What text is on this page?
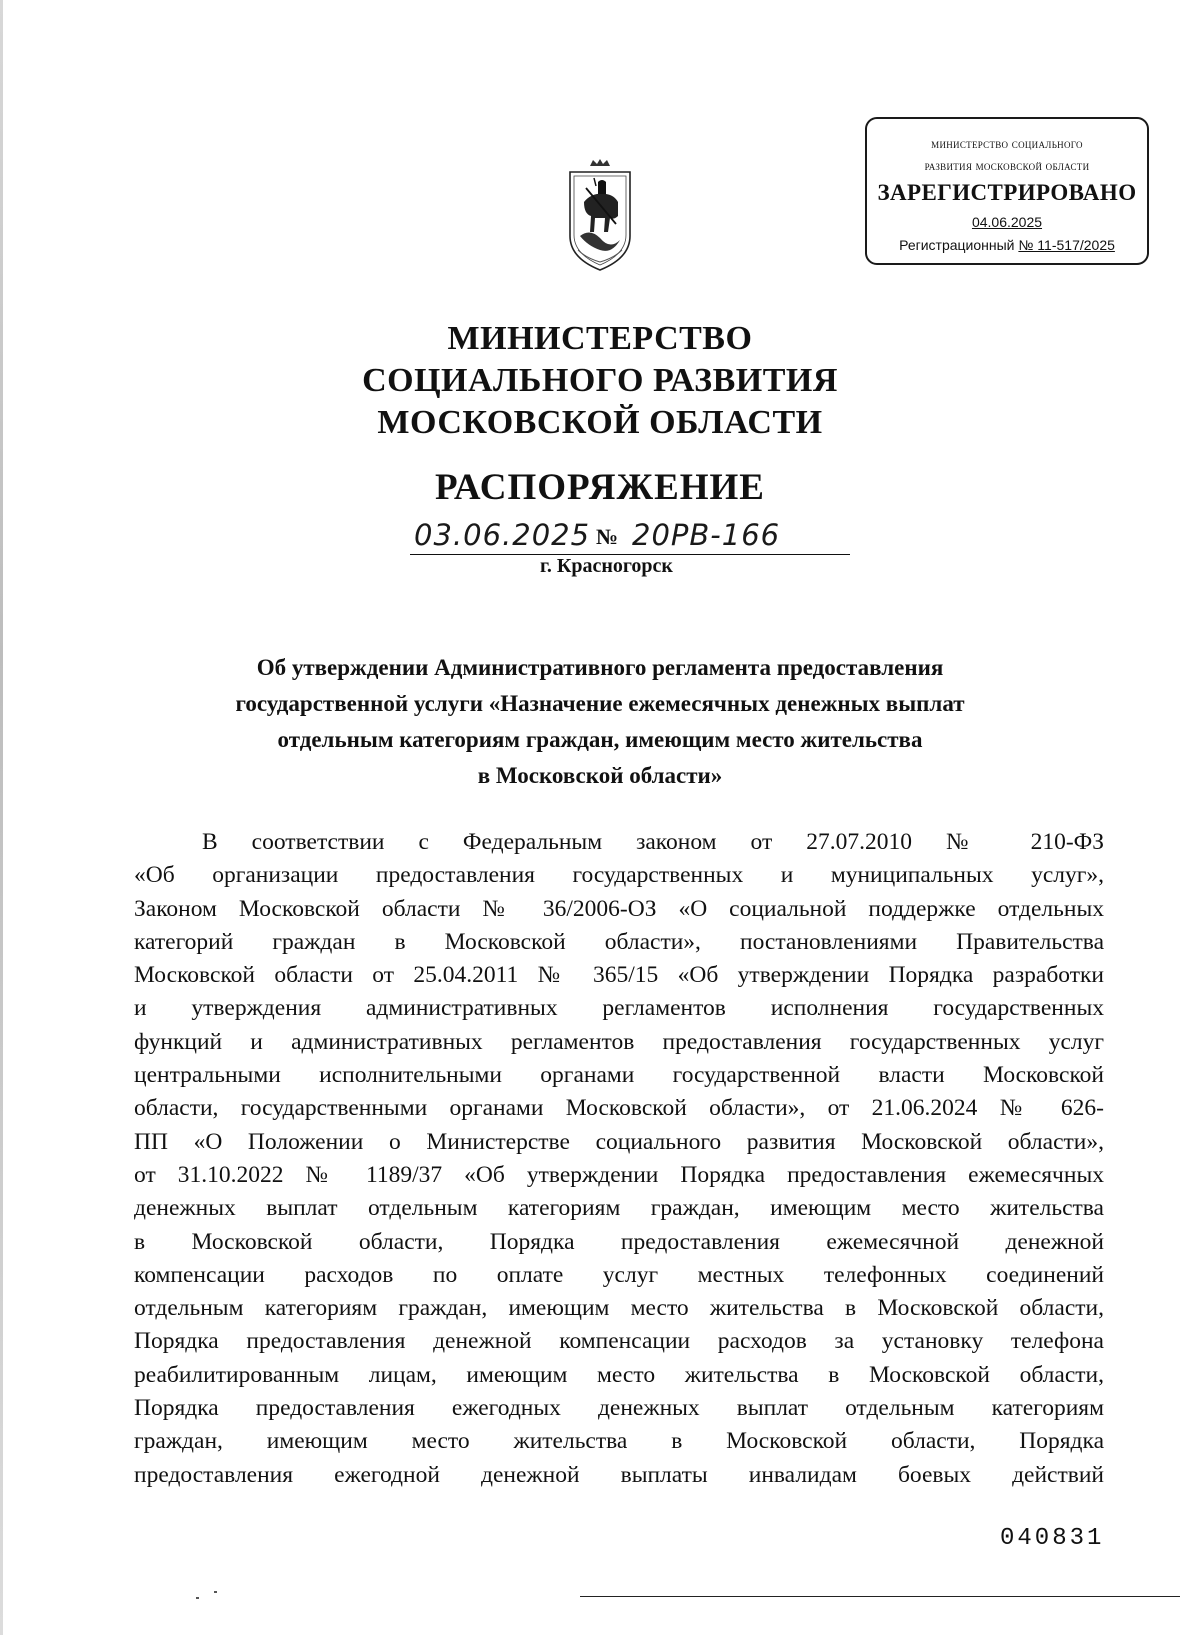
министерство социального
развития московской области
ЗАРЕГИСТРИРОВАНО
04.06.2025
Регистрационный № 11-517/2025
МИНИСТЕРСТВО
СОЦИАЛЬНОГО РАЗВИТИЯ
МОСКОВСКОЙ ОБЛАСТИ
РАСПОРЯЖЕНИЕ
03.06.2025 № 20РВ-166
г. Красногорск
Об утверждении Административного регламента предоставления
государственной услуги «Назначение ежемесячных денежных выплат
отдельным категориям граждан, имеющим место жительства
в Московской области»
В соответствии с Федеральным законом от 27.07.2010 № 210-ФЗ
«Об организации предоставления государственных и муниципальных услуг»,
Законом Московской области № 36/2006-ОЗ «О социальной поддержке отдельных
категорий граждан в Московской области», постановлениями Правительства
Московской области от 25.04.2011 № 365/15 «Об утверждении Порядка разработки
и утверждения административных регламентов исполнения государственных
функций и административных регламентов предоставления государственных услуг
центральными исполнительными органами государственной власти Московской
области, государственными органами Московской области», от 21.06.2024 № 626-
ПП «О Положении о Министерстве социального развития Московской области»,
от 31.10.2022 № 1189/37 «Об утверждении Порядка предоставления ежемесячных
денежных выплат отдельным категориям граждан, имеющим место жительства
в Московской области, Порядка предоставления ежемесячной денежной
компенсации расходов по оплате услуг местных телефонных соединений
отдельным категориям граждан, имеющим место жительства в Московской области,
Порядка предоставления денежной компенсации расходов за установку телефона
реабилитированным лицам, имеющим место жительства в Московской области,
Порядка предоставления ежегодных денежных выплат отдельным категориям
граждан, имеющим место жительства в Московской области, Порядка
предоставления ежегодной денежной выплаты инвалидам боевых действий
040831
